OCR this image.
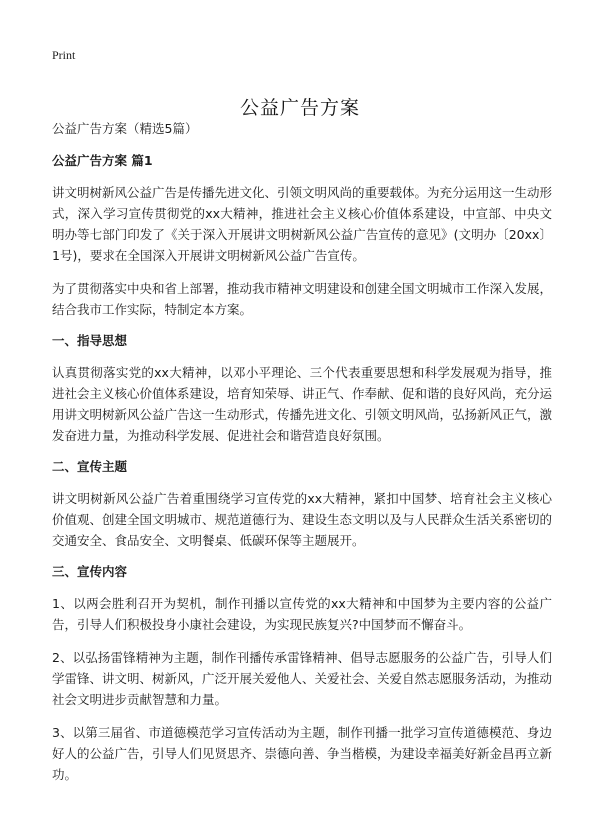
Print
公益广告方案

公益广告方案（精选5篇）

公益广告方案 篇1

讲文明树新风公益广告是传播先进文化、引领文明风尚的重要载体。为充分运用这一生动形式，深入学习宣传贯彻党的xx大精神，推进社会主义核心价值体系建设，中宣部、中央文明办等七部门印发了《关于深入开展讲文明树新风公益广告宣传的意见》(文明办〔20xx〕1号)，要求在全国深入开展讲文明树新风公益广告宣传。

为了贯彻落实中央和省上部署，推动我市精神文明建设和创建全国文明城市工作深入发展，结合我市工作实际，特制定本方案。

一、指导思想

认真贯彻落实党的xx大精神，以邓小平理论、三个代表重要思想和科学发展观为指导，推进社会主义核心价值体系建设，培育知荣辱、讲正气、作奉献、促和谐的良好风尚，充分运用讲文明树新风公益广告这一生动形式，传播先进文化、引领文明风尚，弘扬新风正气，激发奋进力量，为推动科学发展、促进社会和谐营造良好氛围。

二、宣传主题

讲文明树新风公益广告着重围绕学习宣传党的xx大精神，紧扣中国梦、培育社会主义核心价值观、创建全国文明城市、规范道德行为、建设生态文明以及与人民群众生活关系密切的交通安全、食品安全、文明餐桌、低碳环保等主题展开。

三、宣传内容

1、以两会胜利召开为契机，制作刊播以宣传党的xx大精神和中国梦为主要内容的公益广告，引导人们积极投身小康社会建设，为实现民族复兴?中国梦而不懈奋斗。

2、以弘扬雷锋精神为主题，制作刊播传承雷锋精神、倡导志愿服务的公益广告，引导人们学雷锋、讲文明、树新风，广泛开展关爱他人、关爱社会、关爱自然志愿服务活动，为推动社会文明进步贡献智慧和力量。

3、以第三届省、市道德模范学习宣传活动为主题，制作刊播一批学习宣传道德模范、身边好人的公益广告，引导人们见贤思齐、崇德向善、争当楷模，为建设幸福美好新金昌再立新功。
